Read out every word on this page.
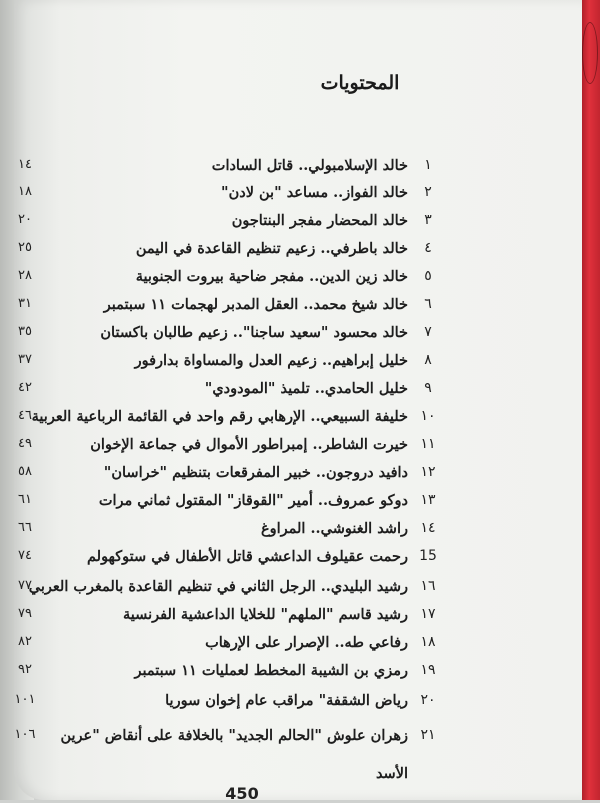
المحتويات
١
خالد الإسلامبولي.. قاتل السادات
١٤
٢
خالد الفواز.. مساعد "بن لادن"
١٨
٣
خالد المحضار مفجر البنتاجون
٢٠
٤
خالد باطرفي.. زعيم تنظيم القاعدة في اليمن
٢٥
٥
خالد زين الدين.. مفجر ضاحية بيروت الجنوبية
٢٨
٦
خالد شيخ محمد.. العقل المدبر لهجمات ١١ سبتمبر
٣١
٧
خالد محسود "سعيد ساجنا".. زعيم طالبان باكستان
٣٥
٨
خليل إبراهيم.. زعيم العدل والمساواة بدارفور
٣٧
٩
خليل الحامدي.. تلميذ "المودودي"
٤٢
١٠
خليفة السبيعي.. الإرهابي رقم واحد في القائمة الرباعية العربية
٤٦
١١
خيرت الشاطر.. إمبراطور الأموال في جماعة الإخوان
٤٩
١٢
دافيد دروجون.. خبير المفرقعات بتنظيم "خراسان"
٥٨
١٣
دوكو عمروف.. أمير "القوقاز" المقتول ثماني مرات
٦١
١٤
راشد الغنوشي.. المراوغ
٦٦
15
رحمت عقيلوف الداعشي قاتل الأطفال في ستوكهولم
٧٤
١٦
رشيد البليدي.. الرجل الثاني في تنظيم القاعدة بالمغرب العربي
٧٧
١٧
رشيد قاسم "الملهم" للخلايا الداعشية الفرنسية
٧٩
١٨
رفاعي طه.. الإصرار على الإرهاب
٨٢
١٩
رمزي بن الشيبة المخطط لعمليات ١١ سبتمبر
٩٢
٢٠
رياض الشقفة" مراقب عام إخوان سوريا
١٠١
٢١
زهران علوش "الحالم الجديد" بالخلافة على أنقاض "عرين
١٠٦
الأسد
450
